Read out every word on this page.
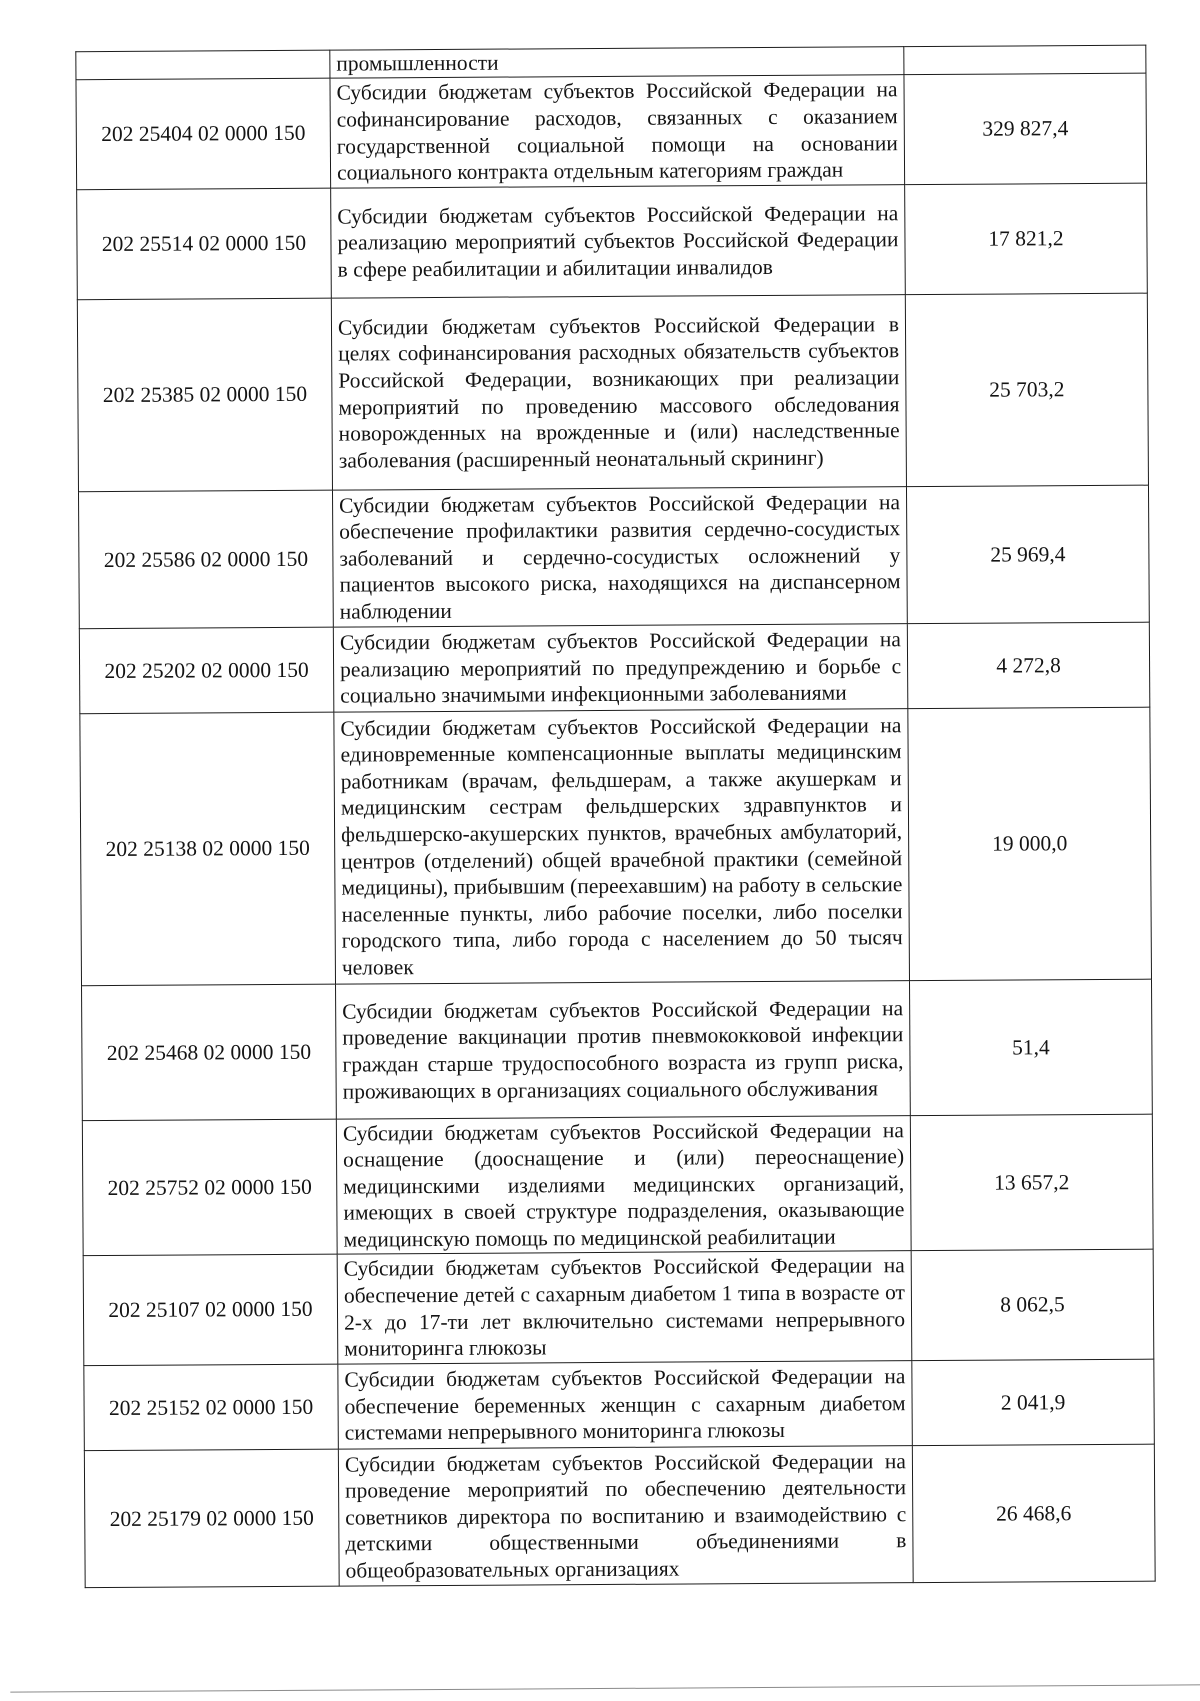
	промышленности	
202 25404 02 0000 150	Субсидии бюджетам субъектов Российской Федерации на софинансирование расходов, связанных с оказанием государственной социальной помощи на основании социального контракта отдельным категориям граждан	329 827,4
202 25514 02 0000 150	Субсидии бюджетам субъектов Российской Федерации на реализацию мероприятий субъектов Российской Федерации в сфере реабилитации и абилитации инвалидов	17 821,2
202 25385 02 0000 150	Субсидии бюджетам субъектов Российской Федерации в целях софинансирования расходных обязательств субъектов Российской Федерации, возникающих при реализации мероприятий по проведению массового обследования новорожденных на врожденные и (или) наследственные заболевания (расширенный неонатальный скрининг)	25 703,2
202 25586 02 0000 150	Субсидии бюджетам субъектов Российской Федерации на обеспечение профилактики развития сердечно-сосудистых заболеваний и сердечно-сосудистых осложнений у пациентов высокого риска, находящихся на диспансерном наблюдении	25 969,4
202 25202 02 0000 150	Субсидии бюджетам субъектов Российской Федерации на реализацию мероприятий по предупреждению и борьбе с социально значимыми инфекционными заболеваниями	4 272,8
202 25138 02 0000 150	Субсидии бюджетам субъектов Российской Федерации на единовременные компенсационные выплаты медицинским работникам (врачам, фельдшерам, а также акушеркам и медицинским сестрам фельдшерских здравпунктов и фельдшерско-акушерских пунктов, врачебных амбулаторий, центров (отделений) общей врачебной практики (семейной медицины), прибывшим (переехавшим) на работу в сельские населенные пункты, либо рабочие поселки, либо поселки городского типа, либо города с населением до 50 тысяч человек	19 000,0
202 25468 02 0000 150	Субсидии бюджетам субъектов Российской Федерации на проведение вакцинации против пневмококковой инфекции граждан старше трудоспособного возраста из групп риска, проживающих в организациях социального обслуживания	51,4
202 25752 02 0000 150	Субсидии бюджетам субъектов Российской Федерации на оснащение (дооснащение и (или) переоснащение) медицинскими изделиями медицинских организаций, имеющих в своей структуре подразделения, оказывающие медицинскую помощь по медицинской реабилитации	13 657,2
202 25107 02 0000 150	Субсидии бюджетам субъектов Российской Федерации на обеспечение детей с сахарным диабетом 1 типа в возрасте от 2-х до 17-ти лет включительно системами непрерывного мониторинга глюкозы	8 062,5
202 25152 02 0000 150	Субсидии бюджетам субъектов Российской Федерации на обеспечение беременных женщин с сахарным диабетом системами непрерывного мониторинга глюкозы	2 041,9
202 25179 02 0000 150	Субсидии бюджетам субъектов Российской Федерации на проведение мероприятий по обеспечению деятельности советников директора по воспитанию и взаимодействию с детскими общественными объединениями в общеобразовательных организациях	26 468,6
